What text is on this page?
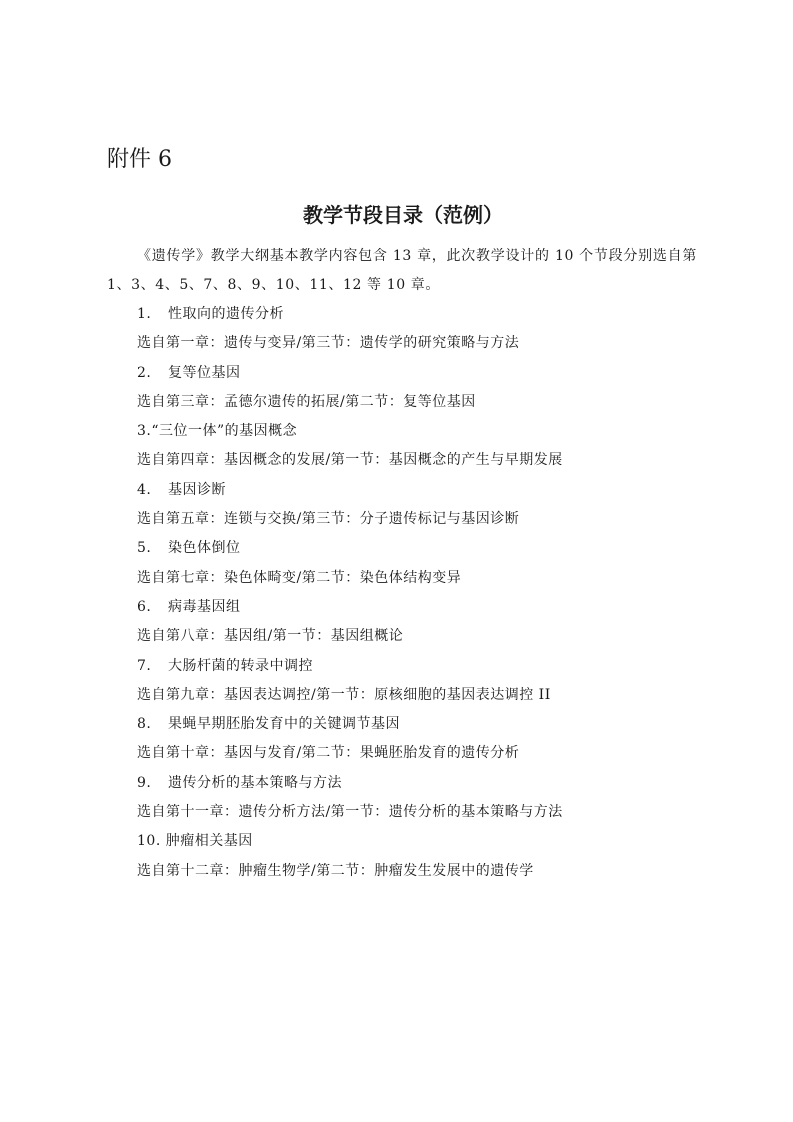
附件 6
教学节段目录（范例）
《遗传学》教学大纲基本教学内容包含 13 章，此次教学设计的 10 个节段分别选自第 1、3、4、5、7、8、9、10、11、12 等 10 章。
1. 性取向的遗传分析
选自第一章：遗传与变异/第三节：遗传学的研究策略与方法
2. 复等位基因
选自第三章：孟德尔遗传的拓展/第二节：复等位基因
3.“三位一体”的基因概念
选自第四章：基因概念的发展/第一节：基因概念的产生与早期发展
4. 基因诊断
选自第五章：连锁与交换/第三节：分子遗传标记与基因诊断
5. 染色体倒位
选自第七章：染色体畸变/第二节：染色体结构变异
6. 病毒基因组
选自第八章：基因组/第一节：基因组概论
7. 大肠杆菌的转录中调控
选自第九章：基因表达调控/第一节：原核细胞的基因表达调控 II
8. 果蝇早期胚胎发育中的关键调节基因
选自第十章：基因与发育/第二节：果蝇胚胎发育的遗传分析
9. 遗传分析的基本策略与方法
选自第十一章：遗传分析方法/第一节：遗传分析的基本策略与方法
10. 肿瘤相关基因
选自第十二章：肿瘤生物学/第二节：肿瘤发生发展中的遗传学
